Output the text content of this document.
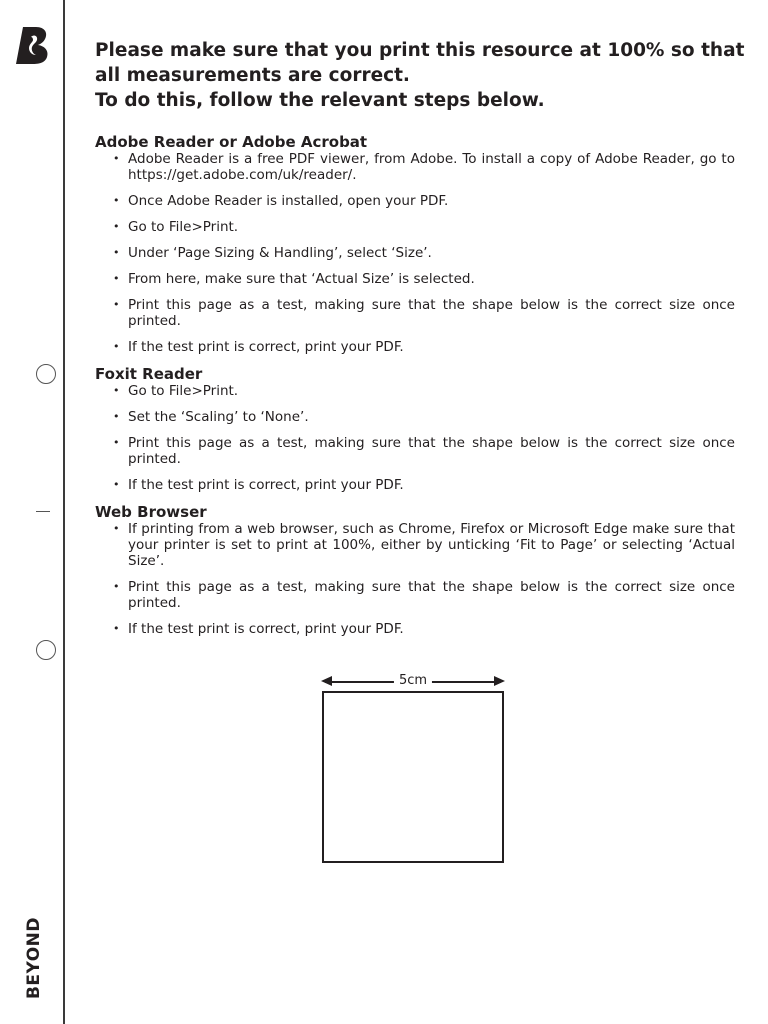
BEYOND
Please make sure that you print this resource at 100% so that
all measurements are correct.
To do this, follow the relevant steps below.
Adobe Reader or Adobe Acrobat
• Adobe Reader is a free PDF viewer, from Adobe. To install a copy of Adobe Reader, go to https://get.adobe.com/uk/reader/.
• Once Adobe Reader is installed, open your PDF.
• Go to File>Print.
• Under ‘Page Sizing & Handling’, select ‘Size’.
• From here, make sure that ‘Actual Size’ is selected.
• Print this page as a test, making sure that the shape below is the correct size once printed.
• If the test print is correct, print your PDF.
Foxit Reader
• Go to File>Print.
• Set the ‘Scaling’ to ‘None’.
• Print this page as a test, making sure that the shape below is the correct size once printed.
• If the test print is correct, print your PDF.
Web Browser
• If printing from a web browser, such as Chrome, Firefox or Microsoft Edge make sure that your printer is set to print at 100%, either by unticking ‘Fit to Page’ or selecting ‘Actual Size’.
• Print this page as a test, making sure that the shape below is the correct size once printed.
• If the test print is correct, print your PDF.
5cm
